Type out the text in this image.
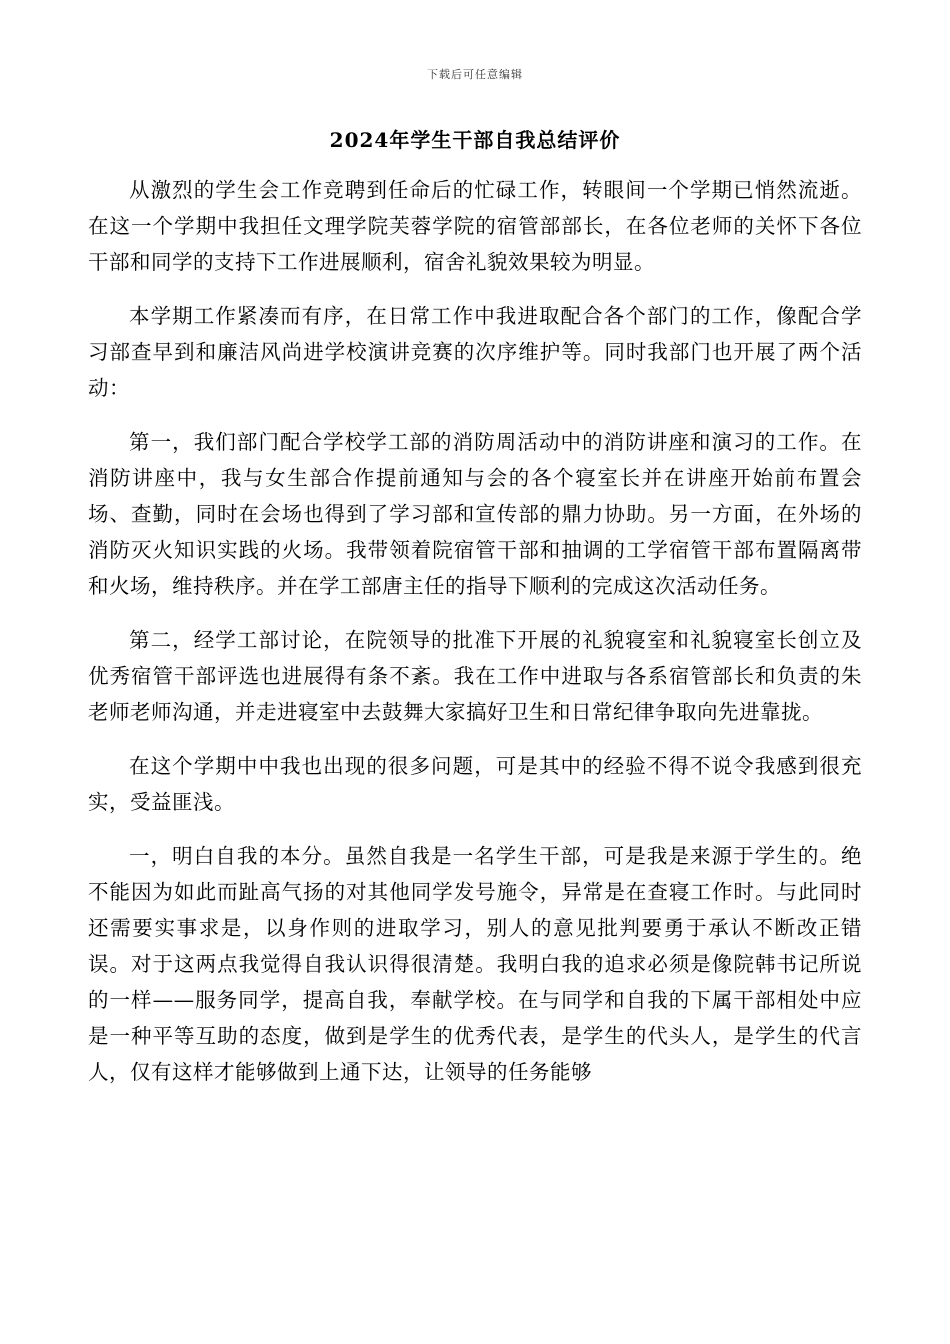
下载后可任意编辑
2024年学生干部自我总结评价

从激烈的学生会工作竞聘到任命后的忙碌工作，转眼间一个学期已悄然流逝。在这一个学期中我担任文理学院芙蓉学院的宿管部部长，在各位老师的关怀下各位干部和同学的支持下工作进展顺利，宿舍礼貌效果较为明显。

本学期工作紧凑而有序，在日常工作中我进取配合各个部门的工作，像配合学习部查早到和廉洁风尚进学校演讲竞赛的次序维护等。同时我部门也开展了两个活动：

第一，我们部门配合学校学工部的消防周活动中的消防讲座和演习的工作。在消防讲座中，我与女生部合作提前通知与会的各个寝室长并在讲座开始前布置会场、查勤，同时在会场也得到了学习部和宣传部的鼎力协助。另一方面，在外场的消防灭火知识实践的火场。我带领着院宿管干部和抽调的工学宿管干部布置隔离带和火场，维持秩序。并在学工部唐主任的指导下顺利的完成这次活动任务。

第二，经学工部讨论，在院领导的批准下开展的礼貌寝室和礼貌寝室长创立及优秀宿管干部评选也进展得有条不紊。我在工作中进取与各系宿管部长和负责的朱老师老师沟通，并走进寝室中去鼓舞大家搞好卫生和日常纪律争取向先进靠拢。

在这个学期中中我也出现的很多问题，可是其中的经验不得不说令我感到很充实，受益匪浅。

一，明白自我的本分。虽然自我是一名学生干部，可是我是来源于学生的。绝不能因为如此而趾高气扬的对其他同学发号施令，异常是在查寝工作时。与此同时还需要实事求是，以身作则的进取学习，别人的意见批判要勇于承认不断改正错误。对于这两点我觉得自我认识得很清楚。我明白我的追求必须是像院韩书记所说的一样——服务同学，提高自我，奉献学校。在与同学和自我的下属干部相处中应是一种平等互助的态度，做到是学生的优秀代表，是学生的代头人，是学生的代言人，仅有这样才能够做到上通下达，让领导的任务能够
